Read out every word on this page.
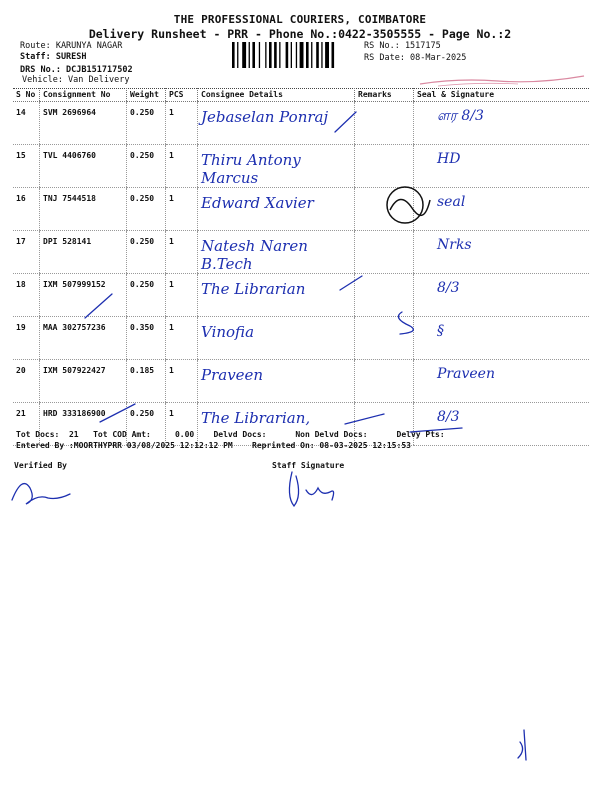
THE PROFESSIONAL COURIERS, COIMBATORE
Delivery Runsheet - PRR - Phone No.:0422-3505555 - Page No.:2
Route: KARUNYA NAGAR
Staff: SURESH
DRS No.: DCJB151717502
Vehicle: Van Delivery
RS No.: 1517175
RS Date: 08-Mar-2025
S No	Consignment No	Weight	PCS	Consignee Details	Remarks	Seal & Signature
14	SVM 2696964	0.250	1	Jebaselan Ponraj		ளர 8/3
15	TVL 4406760	0.250	1	Thiru Antony Marcus		HD
16	TNJ 7544518	0.250	1	Edward Xavier		seal
17	DPI 528141	0.250	1	Natesh Naren B.Tech		Nrks
18	IXM 507999152	0.250	1	The Librarian		8/3
19	MAA 302757236	0.350	1	Vinofia		§
20	IXM 507922427	0.185	1	Praveen		Praveen
21	HRD 333186900	0.250	1	The Librarian,		8/3
Tot Docs:  21   Tot COD Amt:     0.00    Delvd Docs:      Non Delvd Docs:      Delvy Pts:
Entered By :MOORTHYPRR 03/08/2025 12:12:12 PM    Reprinted On: 08-03-2025 12:15:53
Verified By	Staff Signature
